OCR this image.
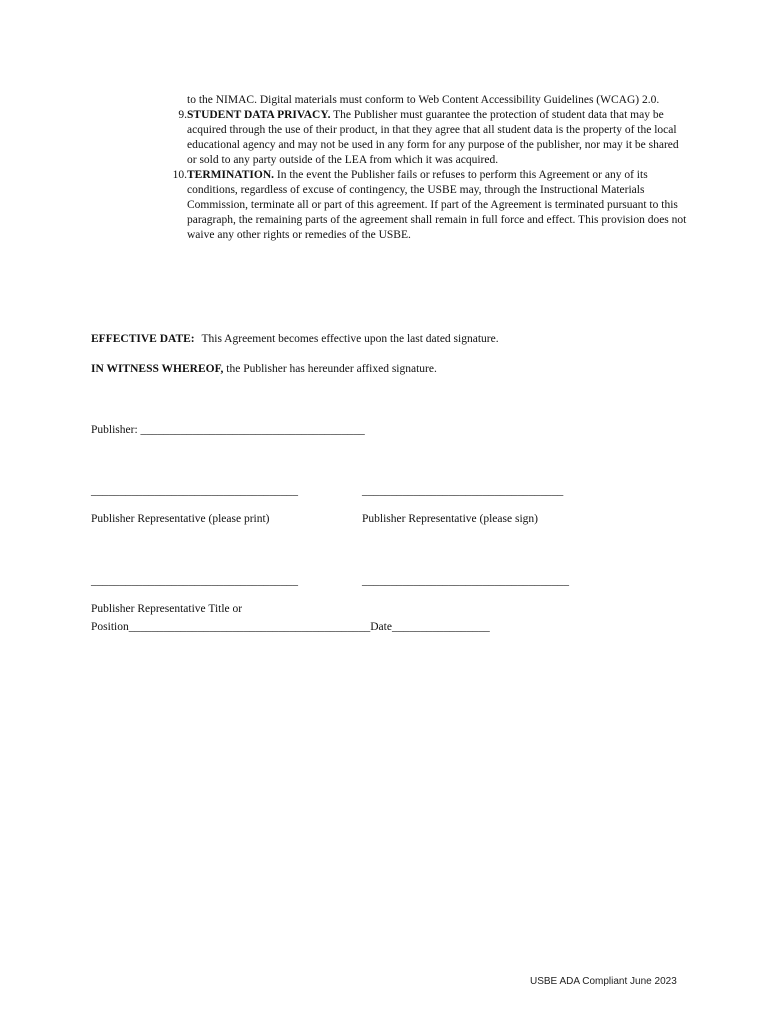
to the NIMAC. Digital materials must conform to Web Content Accessibility Guidelines (WCAG) 2.0.
9. STUDENT DATA PRIVACY. The Publisher must guarantee the protection of student data that may be acquired through the use of their product, in that they agree that all student data is the property of the local educational agency and may not be used in any form for any purpose of the publisher, nor may it be shared or sold to any party outside of the LEA from which it was acquired.
10. TERMINATION. In the event the Publisher fails or refuses to perform this Agreement or any of its conditions, regardless of excuse of contingency, the USBE may, through the Instructional Materials Commission, terminate all or part of this agreement. If part of the Agreement is terminated pursuant to this paragraph, the remaining parts of the agreement shall remain in full force and effect. This provision does not waive any other rights or remedies of the USBE.
EFFECTIVE DATE: This Agreement becomes effective upon the last dated signature.
IN WITNESS WHEREOF, the Publisher has hereunder affixed signature.
Publisher: _______________________________________
____________________________________	___________________________________
Publisher Representative (please print)	Publisher Representative (please sign)
____________________________________	____________________________________
Publisher Representative Title or
Position__________________________________________Date_________________
USBE ADA Compliant June 2023
